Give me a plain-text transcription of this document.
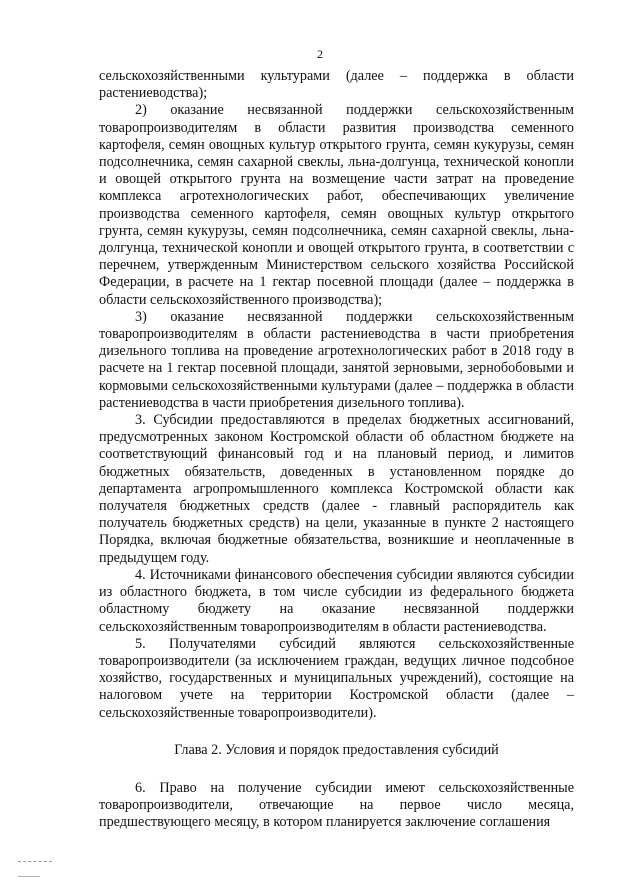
2

сельскохозяйственными культурами (далее – поддержка в области растениеводства);

2) оказание несвязанной поддержки сельскохозяйственным товаропроизводителям в области развития производства семенного картофеля, семян овощных культур открытого грунта, семян кукурузы, семян подсолнечника, семян сахарной свеклы, льна-долгунца, технической конопли и овощей открытого грунта на возмещение части затрат на проведение комплекса агротехнологических работ, обеспечивающих увеличение производства семенного картофеля, семян овощных культур открытого грунта, семян кукурузы, семян подсолнечника, семян сахарной свеклы, льна-долгунца, технической конопли и овощей открытого грунта, в соответствии с перечнем, утвержденным Министерством сельского хозяйства Российской Федерации, в расчете на 1 гектар посевной площади (далее – поддержка в области сельскохозяйственного производства);

3) оказание несвязанной поддержки сельскохозяйственным товаропроизводителям в области растениеводства в части приобретения дизельного топлива на проведение агротехнологических работ в 2018 году в расчете на 1 гектар посевной площади, занятой зерновыми, зернобобовыми и кормовыми сельскохозяйственными культурами (далее – поддержка в области растениеводства в части приобретения дизельного топлива).

3. Субсидии предоставляются в пределах бюджетных ассигнований, предусмотренных законом Костромской области об областном бюджете на соответствующий финансовый год и на плановый период, и лимитов бюджетных обязательств, доведенных в установленном порядке до департамента агропромышленного комплекса Костромской области как получателя бюджетных средств (далее - главный распорядитель как получатель бюджетных средств) на цели, указанные в пункте 2 настоящего Порядка, включая бюджетные обязательства, возникшие и неоплаченные в предыдущем году.

4. Источниками финансового обеспечения субсидии являются субсидии из областного бюджета, в том числе субсидии из федерального бюджета областному бюджету на оказание несвязанной поддержки сельскохозяйственным товаропроизводителям в области растениеводства.

5. Получателями субсидий являются сельскохозяйственные товаропроизводители (за исключением граждан, ведущих личное подсобное хозяйство, государственных и муниципальных учреждений), состоящие на налоговом учете на территории Костромской области (далее – сельскохозяйственные товаропроизводители).

Глава 2. Условия и порядок предоставления субсидий

6. Право на получение субсидии имеют сельскохозяйственные товаропроизводители, отвечающие на первое число месяца, предшествующего месяцу, в котором планируется заключение соглашения
